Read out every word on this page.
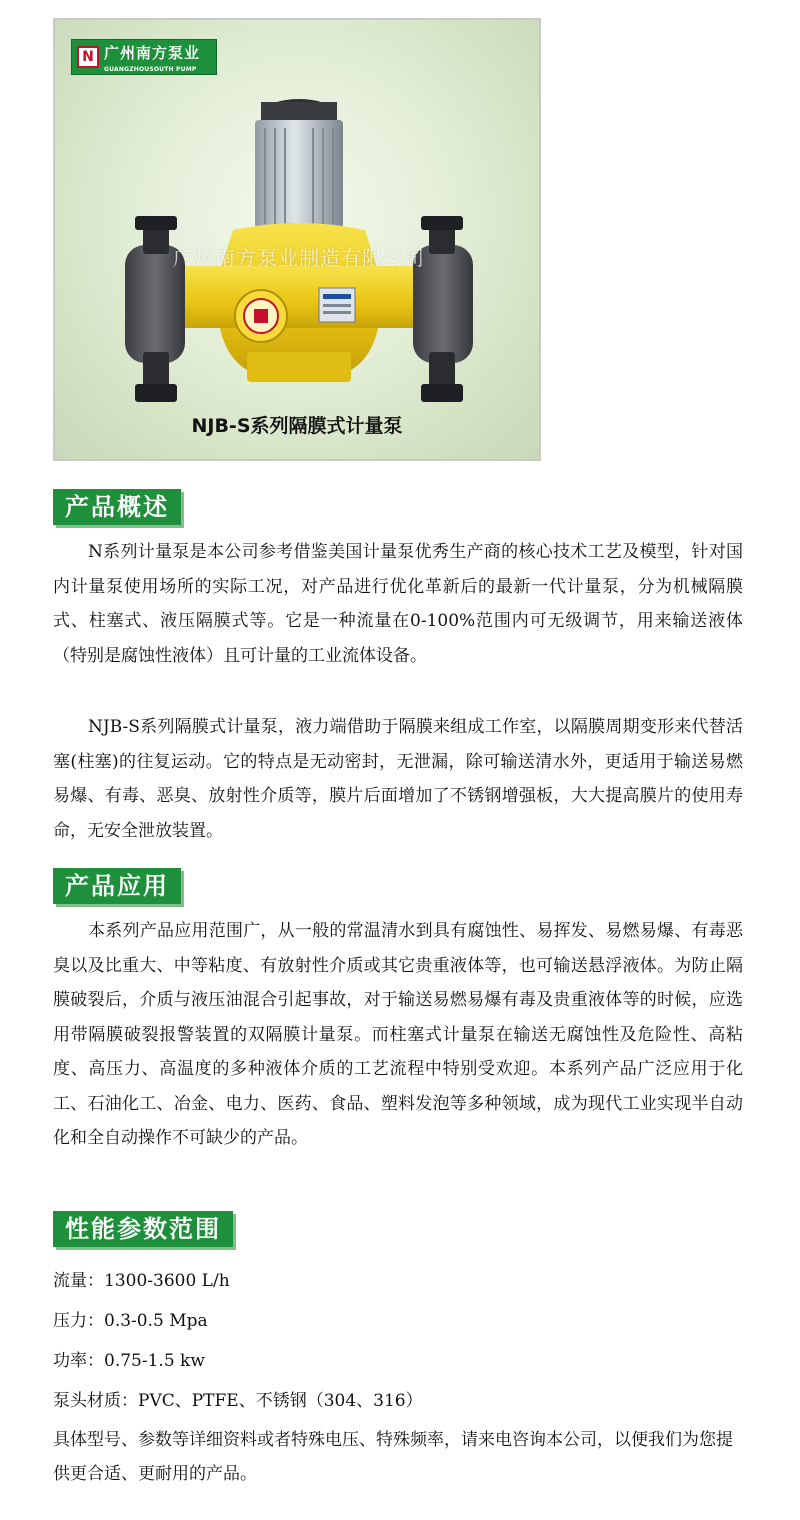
N 广州南方泵业
GUANGZHOUSOUTH PUMP
广州南方泵业制造有限公司
NJB-S系列隔膜式计量泵
产品概述

N系列计量泵是本公司参考借鉴美国计量泵优秀生产商的核心技术工艺及模型，针对国内计量泵使用场所的实际工况，对产品进行优化革新后的最新一代计量泵，分为机械隔膜式、柱塞式、液压隔膜式等。它是一种流量在0-100%范围内可无级调节，用来输送液体（特别是腐蚀性液体）且可计量的工业流体设备。

NJB-S系列隔膜式计量泵，液力端借助于隔膜来组成工作室，以隔膜周期变形来代替活塞(柱塞)的往复运动。它的特点是无动密封，无泄漏，除可输送清水外，更适用于输送易燃易爆、有毒、恶臭、放射性介质等，膜片后面增加了不锈钢增强板，大大提高膜片的使用寿命，无安全泄放装置。

产品应用

本系列产品应用范围广，从一般的常温清水到具有腐蚀性、易挥发、易燃易爆、有毒恶臭以及比重大、中等粘度、有放射性介质或其它贵重液体等，也可输送悬浮液体。为防止隔膜破裂后，介质与液压油混合引起事故，对于输送易燃易爆有毒及贵重液体等的时候，应选用带隔膜破裂报警装置的双隔膜计量泵。而柱塞式计量泵在输送无腐蚀性及危险性、高粘度、高压力、高温度的多种液体介质的工艺流程中特别受欢迎。本系列产品广泛应用于化工、石油化工、冶金、电力、医药、食品、塑料发泡等多种领域，成为现代工业实现半自动化和全自动操作不可缺少的产品。

性能参数范围

流量：1300-3600 L/h

压力：0.3-0.5 Mpa

功率：0.75-1.5 kw

泵头材质：PVC、PTFE、不锈钢（304、316）

具体型号、参数等详细资料或者特殊电压、特殊频率，请来电咨询本公司，以便我们为您提供更合适、更耐用的产品。
